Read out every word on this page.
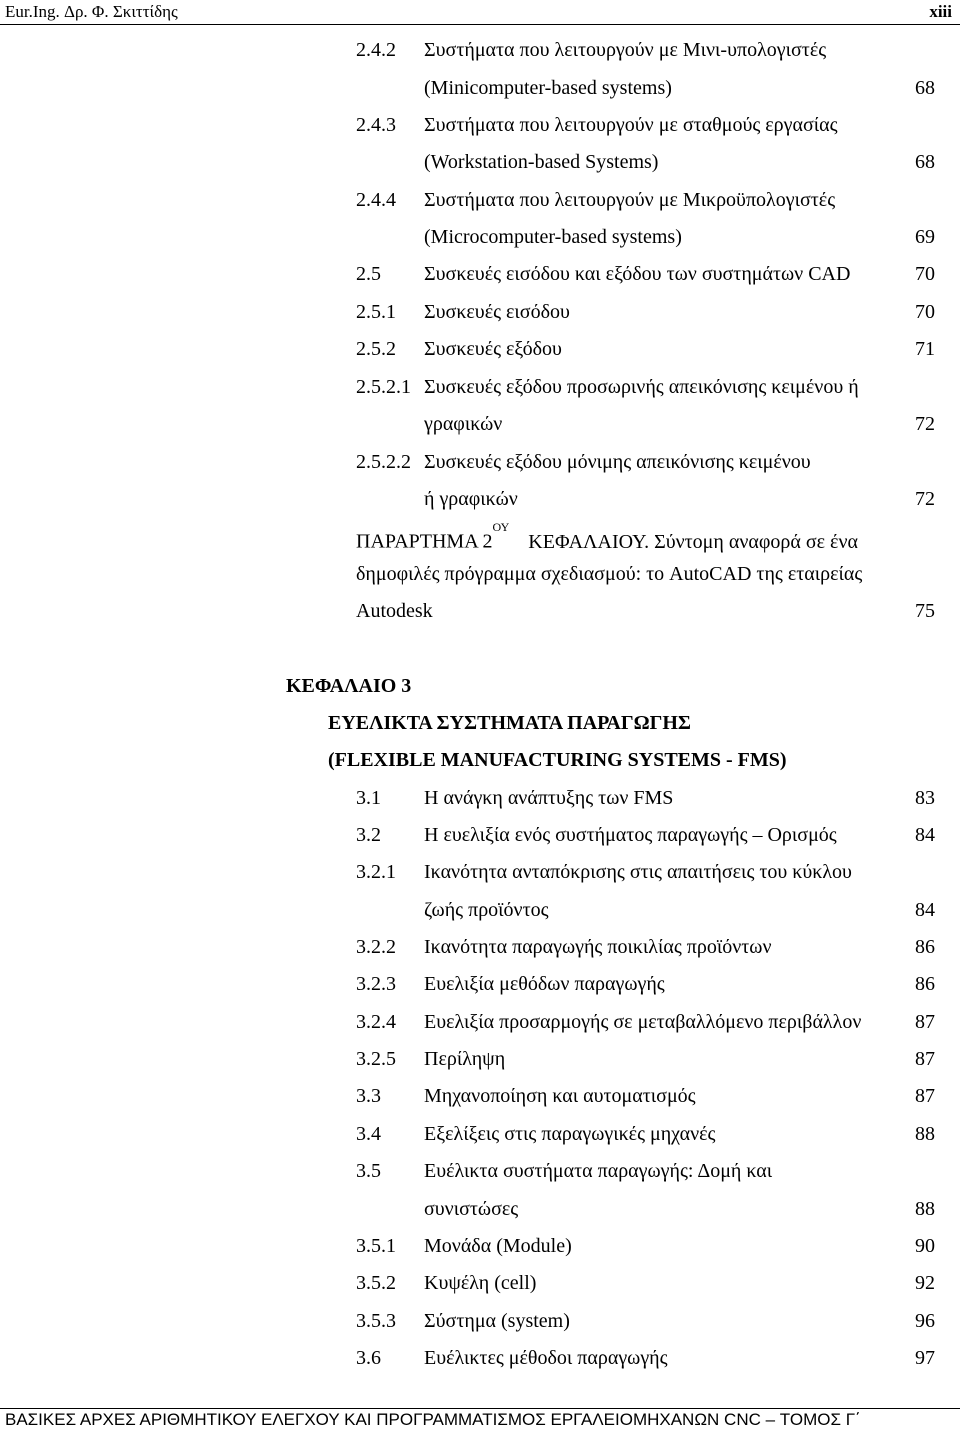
Eur.Ing. Δρ. Φ. Σκιττίδης	xiii
2.4.2 Συστήματα που λειτουργούν με Μινι-υπολογιστές
(Minicomputer-based systems)	68
2.4.3 Συστήματα που λειτουργούν με σταθμούς εργασίας
(Workstation-based Systems)	68
2.4.4 Συστήματα που λειτουργούν με Μικροϋπολογιστές
(Microcomputer-based systems)	69
2.5 Συσκευές εισόδου και εξόδου των συστημάτων CAD	70
2.5.1 Συσκευές εισόδου	70
2.5.2 Συσκευές εξόδου	71
2.5.2.1 Συσκευές εξόδου προσωρινής απεικόνισης κειμένου ή
γραφικών	72
2.5.2.2 Συσκευές εξόδου μόνιμης απεικόνισης κειμένου
ή γραφικών	72
ΠΑΡΑΡΤΗΜΑ $2^{O\Upsilon}$ ΚΕΦΑΛΑΙΟΥ. Σύντομη αναφορά σε ένα
δημοφιλές πρόγραμμα σχεδιασμού: το AutoCAD της εταιρείας
Autodesk	75
ΚΕΦΑΛΑΙΟ 3
ΕΥΕΛΙΚΤΑ ΣΥΣΤΗΜΑΤΑ ΠΑΡΑΓΩΓΗΣ
(FLEXIBLE MANUFACTURING SYSTEMS - FMS)
3.1 Η ανάγκη ανάπτυξης των FMS	83
3.2 Η ευελιξία ενός συστήματος παραγωγής – Ορισμός	84
3.2.1 Ικανότητα ανταπόκρισης στις απαιτήσεις του κύκλου
ζωής προϊόντος	84
3.2.2 Ικανότητα παραγωγής ποικιλίας προϊόντων	86
3.2.3 Ευελιξία μεθόδων παραγωγής	86
3.2.4 Ευελιξία προσαρμογής σε μεταβαλλόμενο περιβάλλον	87
3.2.5 Περίληψη	87
3.3 Μηχανοποίηση και αυτοματισμός	87
3.4 Εξελίξεις στις παραγωγικές μηχανές	88
3.5 Ευέλικτα συστήματα παραγωγής: Δομή και
συνιστώσες	88
3.5.1 Μονάδα (Module)	90
3.5.2 Κυψέλη (cell)	92
3.5.3 Σύστημα (system)	96
3.6 Ευέλικτες μέθοδοι παραγωγής	97
ΒΑΣΙΚΕΣ ΑΡΧΕΣ ΑΡΙΘΜΗΤΙΚΟΥ ΕΛΕΓΧΟΥ ΚΑΙ ΠΡΟΓΡΑΜΜΑΤΙΣΜΟΣ ΕΡΓΑΛΕΙΟΜΗΧΑΝΩΝ CNC – ΤΟΜΟΣ Γ΄
